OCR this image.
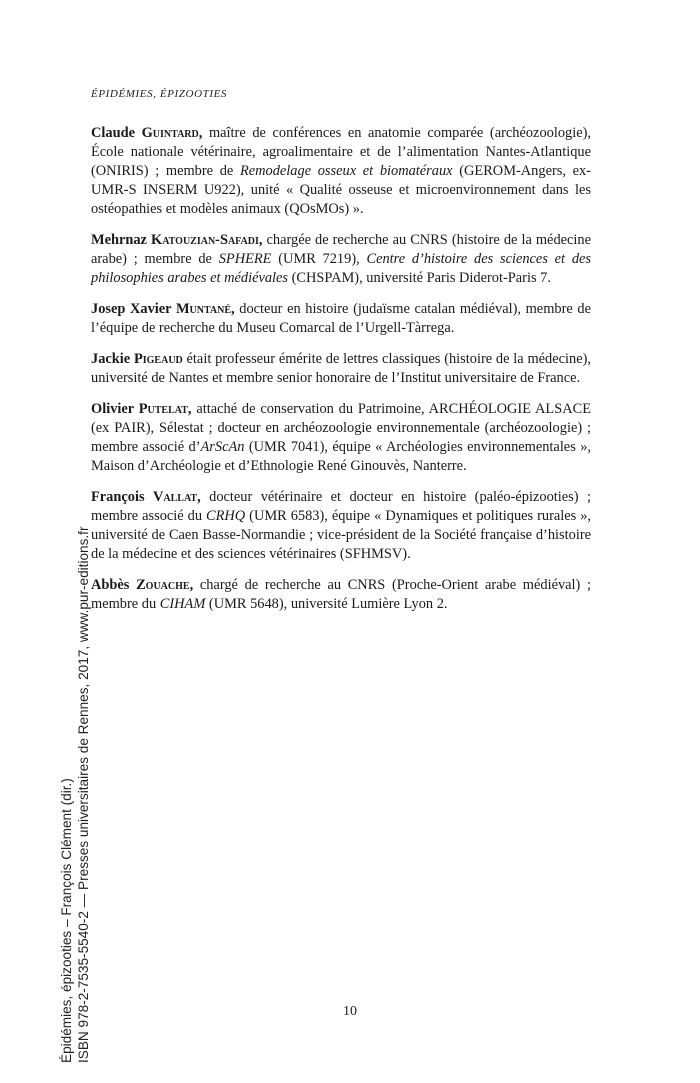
ÉPIDÉMIES, ÉPIZOOTIES

Claude Guintard, maître de conférences en anatomie comparée (archéozoologie), École nationale vétérinaire, agroalimentaire et de l’alimentation Nantes-Atlantique (ONIRIS) ; membre de Remodelage osseux et biomatéraux (GEROM-Angers, ex-UMR-S INSERM U922), unité « Qualité osseuse et microenvironnement dans les ostéopathies et modèles animaux (QOsMOs) ».

Mehrnaz Katouzian-Safadi, chargée de recherche au CNRS (histoire de la médecine arabe) ; membre de SPHERE (UMR 7219), Centre d’histoire des sciences et des philosophies arabes et médiévales (CHSPAM), université Paris Diderot-Paris 7.

Josep Xavier Muntané, docteur en histoire (judaïsme catalan médiéval), membre de l’équipe de recherche du Museu Comarcal de l’Urgell-Tàrrega.

Jackie Pigeaud était professeur émérite de lettres classiques (histoire de la médecine), université de Nantes et membre senior honoraire de l’Institut universitaire de France.

Olivier Putelat, attaché de conservation du Patrimoine, ARCHÉOLOGIE ALSACE (ex PAIR), Sélestat ; docteur en archéozoologie environnementale (archéozoologie) ; membre associé d’ArScAn (UMR 7041), équipe « Archéologies environnementales », Maison d’Archéologie et d’Ethnologie René Ginouvès, Nanterre.

François Vallat, docteur vétérinaire et docteur en histoire (paléo-épizooties) ; membre associé du CRHQ (UMR 6583), équipe « Dynamiques et politiques rurales », université de Caen Basse-Normandie ; vice-président de la Société française d’histoire de la médecine et des sciences vétérinaires (SFHMSV).

Abbès Zouache, chargé de recherche au CNRS (Proche-Orient arabe médiéval) ; membre du CIHAM (UMR 5648), université Lumière Lyon 2.

10
Épidémies, épizooties – François Clément (dir.) ISBN 978-2-7535-5540-2 — Presses universitaires de Rennes, 2017, www.pur-editions.fr
